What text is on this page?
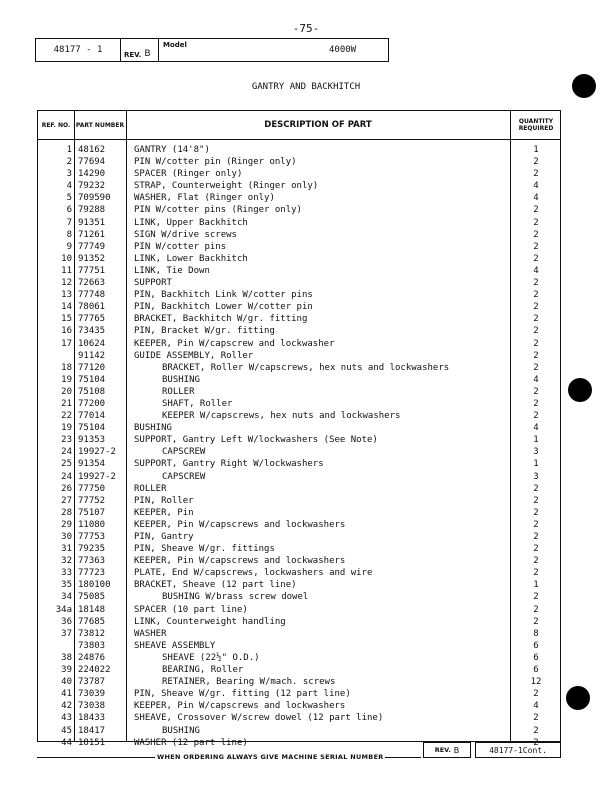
-75-
48177 - 1	REV. B
Model	4000W
GANTRY AND BACKHITCH
REF. NO. PART NUMBER	DESCRIPTION OF PART	QUANTITY REQUIRED
1 48162	GANTRY (14'8")	1
2 77694	PIN W/cotter pin (Ringer only)	2
3 14290	SPACER (Ringer only)	2
4 79232	STRAP, Counterweight (Ringer only)	4
5 709590	WASHER, Flat (Ringer only)	4
6 79288	PIN W/cotter pins (Ringer only)	2
7 91351	LINK, Upper Backhitch	2
8 71261	SIGN W/drive screws	2
9 77749	PIN W/cotter pins	2
10 91352	LINK, Lower Backhitch	2
11 77751	LINK, Tie Down	4
12 72663	SUPPORT	2
13 77748	PIN, Backhitch Link W/cotter pins	2
14 78061	PIN, Backhitch Lower W/cotter pin	2
15 77765	BRACKET, Backhitch W/gr. fitting	2
16 73435	PIN, Bracket W/gr. fitting	2
17 10624	KEEPER, Pin W/capscrew and lockwasher	2
91142	GUIDE ASSEMBLY, Roller	2
18 77120	BRACKET, Roller W/capscrews, hex nuts and lockwashers	2
19 75104	BUSHING	4
20 75108	ROLLER	2
21 77200	SHAFT, Roller	2
22 77014	KEEPER W/capscrews, hex nuts and lockwashers	2
19 75104	BUSHING	4
23 91353	SUPPORT, Gantry Left W/lockwashers (See Note)	1
24 19927-2	CAPSCREW	3
25 91354	SUPPORT, Gantry Right W/lockwashers	1
24 19927-2	CAPSCREW	3
26 77750	ROLLER	2
27 77752	PIN, Roller	2
28 75107	KEEPER, Pin	2
29 11080	KEEPER, Pin W/capscrews and lockwashers	2
30 77753	PIN, Gantry	2
31 79235	PIN, Sheave W/gr. fittings	2
32 77363	KEEPER, Pin W/capscrews and lockwashers	2
33 77723	PLATE, End W/capscrews, lockwashers and wire	2
35 180100	BRACKET, Sheave (12 part line)	1
34 75085	BUSHING W/brass screw dowel	2
34a 18148	SPACER (10 part line)	2
36 77685	LINK, Counterweight handling	2
37 73812	WASHER	8
73803	SHEAVE ASSEMBLY	6
38 24876	SHEAVE (22½" O.D.)	6
39 224022	BEARING, Roller	6
40 73787	RETAINER, Bearing W/mach. screws	12
41 73039	PIN, Sheave W/gr. fitting (12 part line)	2
42 73038	KEEPER, Pin W/capscrews and lockwashers	4
43 18433	SHEAVE, Crossover W/screw dowel (12 part line)	2
45 18417	BUSHING	2
44 18151	WASHER (12 part line)	2
WHEN ORDERING ALWAYS GIVE MACHINE SERIAL NUMBER
REV. B	48177-1Cont.
